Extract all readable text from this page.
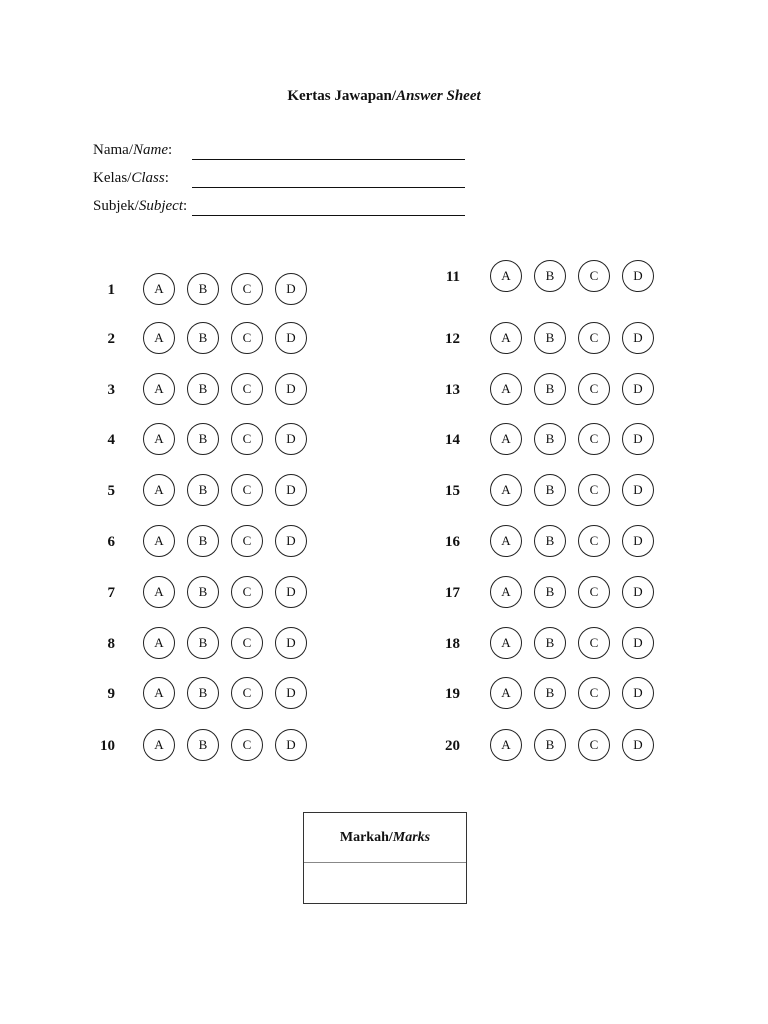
Kertas Jawapan/Answer Sheet
Nama/Name:
Kelas/Class:
Subjek/Subject:
1	A	B	C	D
2	A	B	C	D
3	A	B	C	D
4	A	B	C	D
5	A	B	C	D
6	A	B	C	D
7	A	B	C	D
8	A	B	C	D
9	A	B	C	D
10	A	B	C	D
11	A	B	C	D
12	A	B	C	D
13	A	B	C	D
14	A	B	C	D
15	A	B	C	D
16	A	B	C	D
17	A	B	C	D
18	A	B	C	D
19	A	B	C	D
20	A	B	C	D
Markah/Marks
